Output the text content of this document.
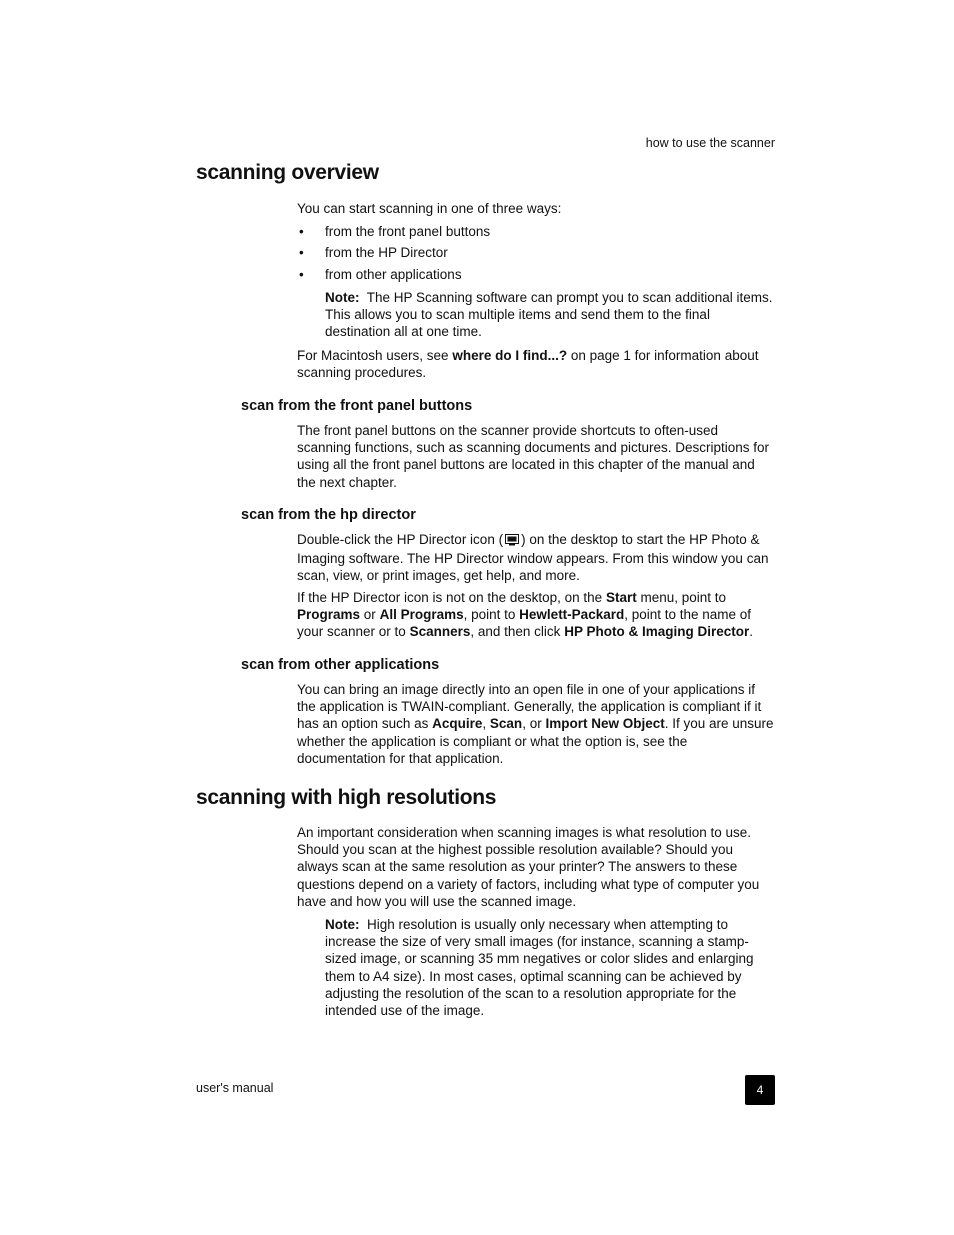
how to use the scanner
scanning overview
You can start scanning in one of three ways:
• from the front panel buttons
• from the HP Director
• from other applications
Note: The HP Scanning software can prompt you to scan additional items. This allows you to scan multiple items and send them to the final destination all at one time.
For Macintosh users, see where do I find...? on page 1 for information about scanning procedures.
scan from the front panel buttons
The front panel buttons on the scanner provide shortcuts to often-used scanning functions, such as scanning documents and pictures. Descriptions for using all the front panel buttons are located in this chapter of the manual and the next chapter.
scan from the hp director
Double-click the HP Director icon ( ) on the desktop to start the HP Photo & Imaging software. The HP Director window appears. From this window you can scan, view, or print images, get help, and more.
If the HP Director icon is not on the desktop, on the Start menu, point to Programs or All Programs, point to Hewlett-Packard, point to the name of your scanner or to Scanners, and then click HP Photo & Imaging Director.
scan from other applications
You can bring an image directly into an open file in one of your applications if the application is TWAIN-compliant. Generally, the application is compliant if it has an option such as Acquire, Scan, or Import New Object. If you are unsure whether the application is compliant or what the option is, see the documentation for that application.
scanning with high resolutions
An important consideration when scanning images is what resolution to use. Should you scan at the highest possible resolution available? Should you always scan at the same resolution as your printer? The answers to these questions depend on a variety of factors, including what type of computer you have and how you will use the scanned image.
Note: High resolution is usually only necessary when attempting to increase the size of very small images (for instance, scanning a stamp-sized image, or scanning 35 mm negatives or color slides and enlarging them to A4 size). In most cases, optimal scanning can be achieved by adjusting the resolution of the scan to a resolution appropriate for the intended use of the image.
user's manual	4
